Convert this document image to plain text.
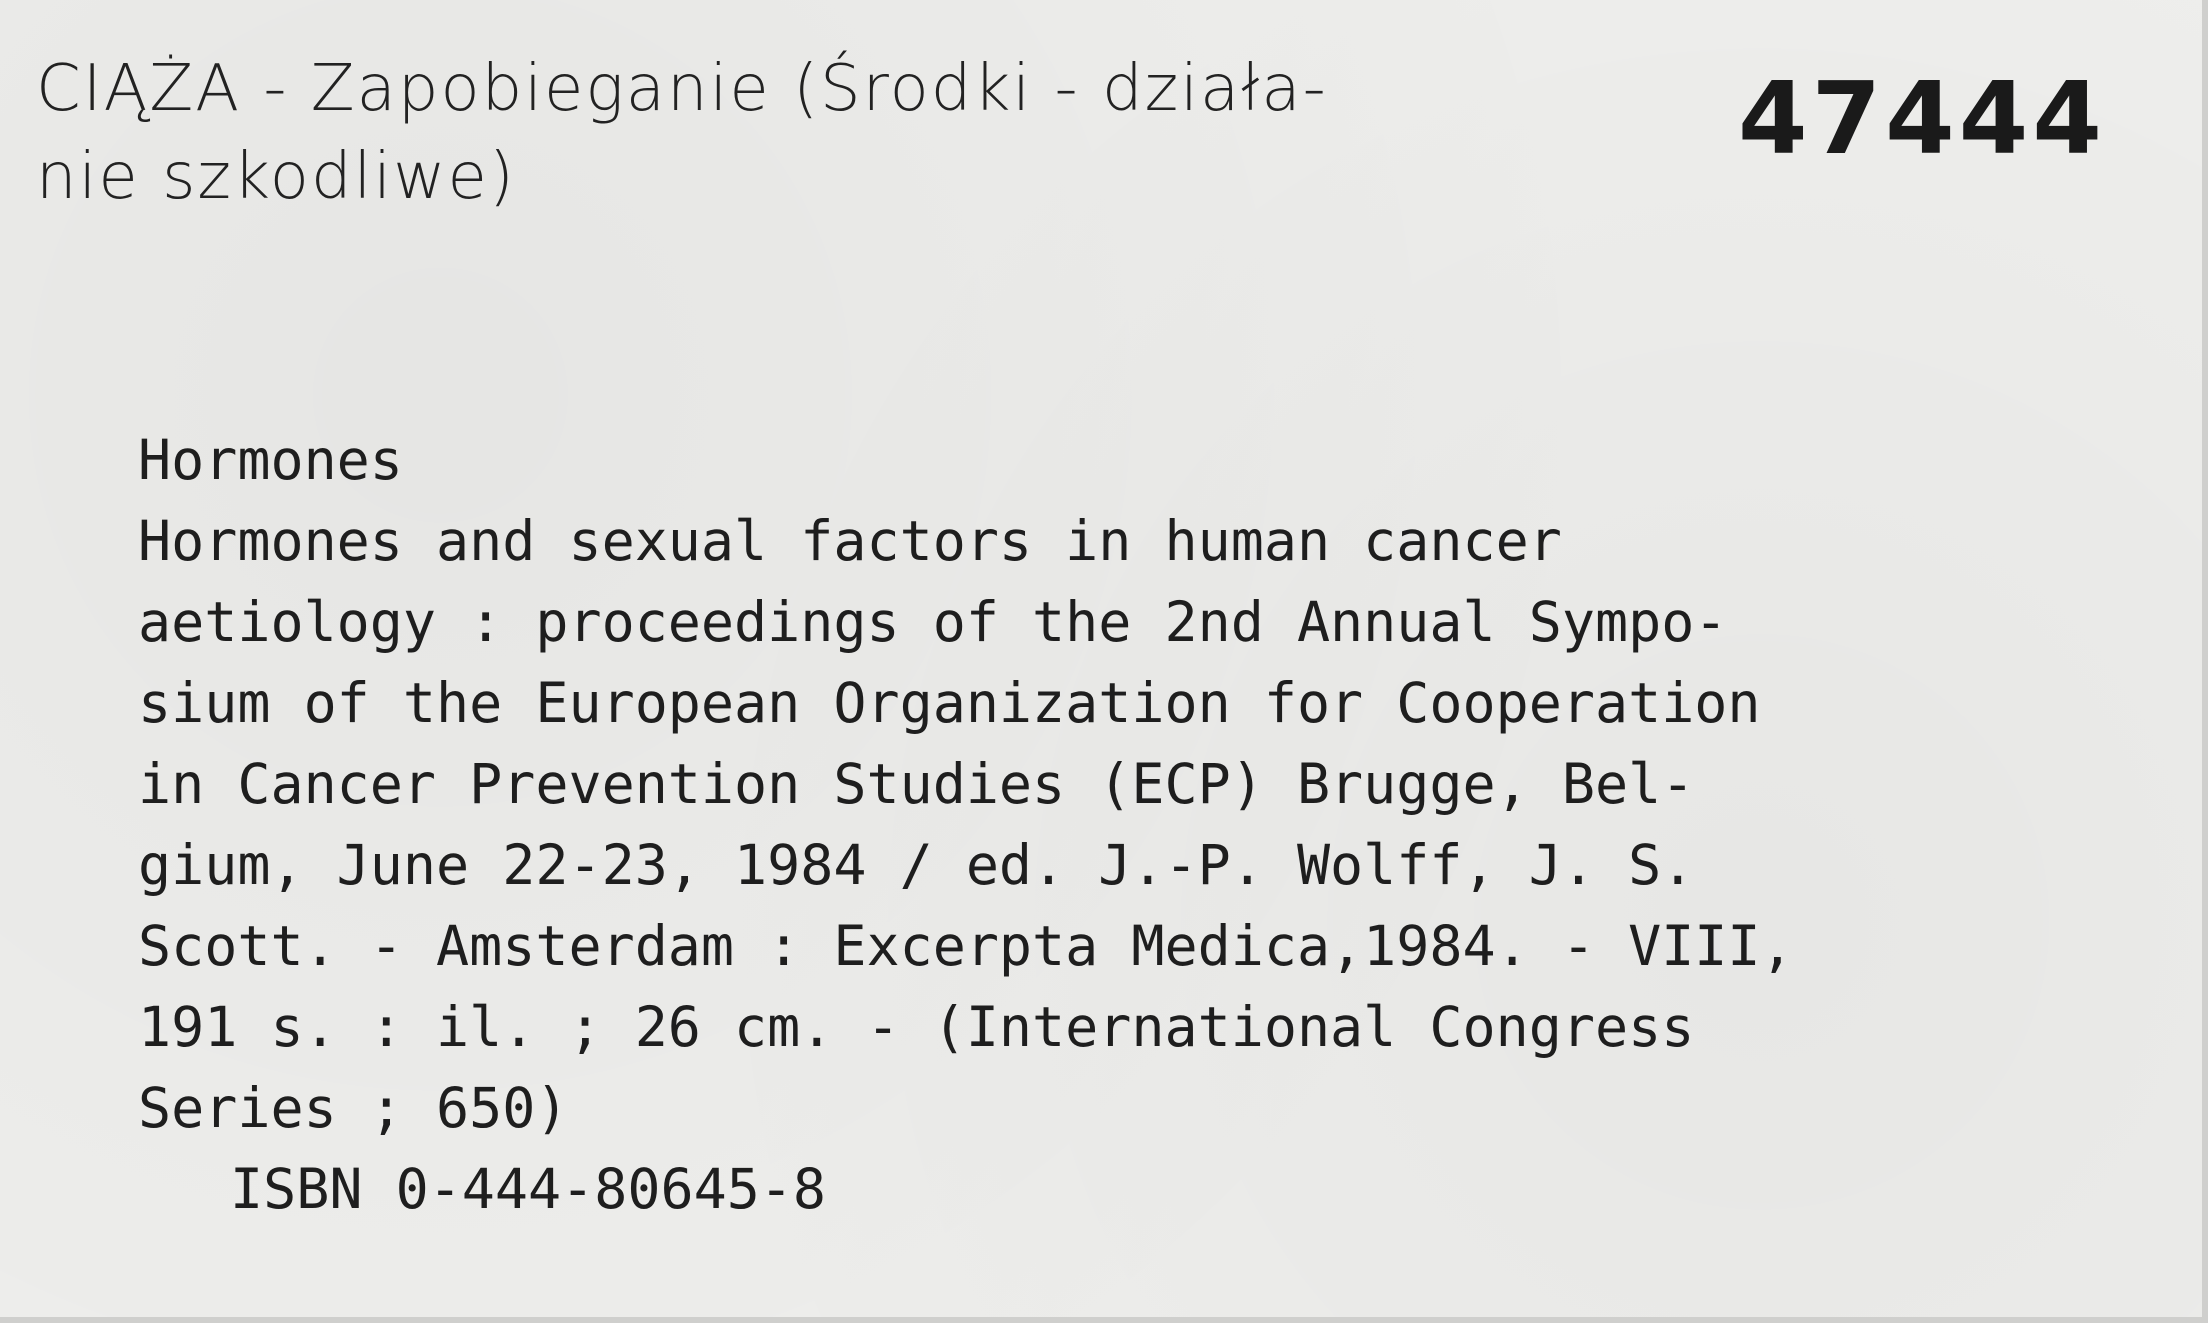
CIĄŻA - Zapobieganie (Środki - działa-
nie szkodliwe)	47444
Hormones
Hormones and sexual factors in human cancer
aetiology : proceedings of the 2nd Annual Sympo-
sium of the European Organization for Cooperation
in Cancer Prevention Studies (ECP) Brugge, Bel-
gium, June 22-23, 1984 / ed. J.-P. Wolff, J. S.
Scott. - Amsterdam : Excerpta Medica,1984. - VIII,
191 s. : il. ; 26 cm. - (International Congress
Series ; 650)
ISBN 0-444-80645-8
